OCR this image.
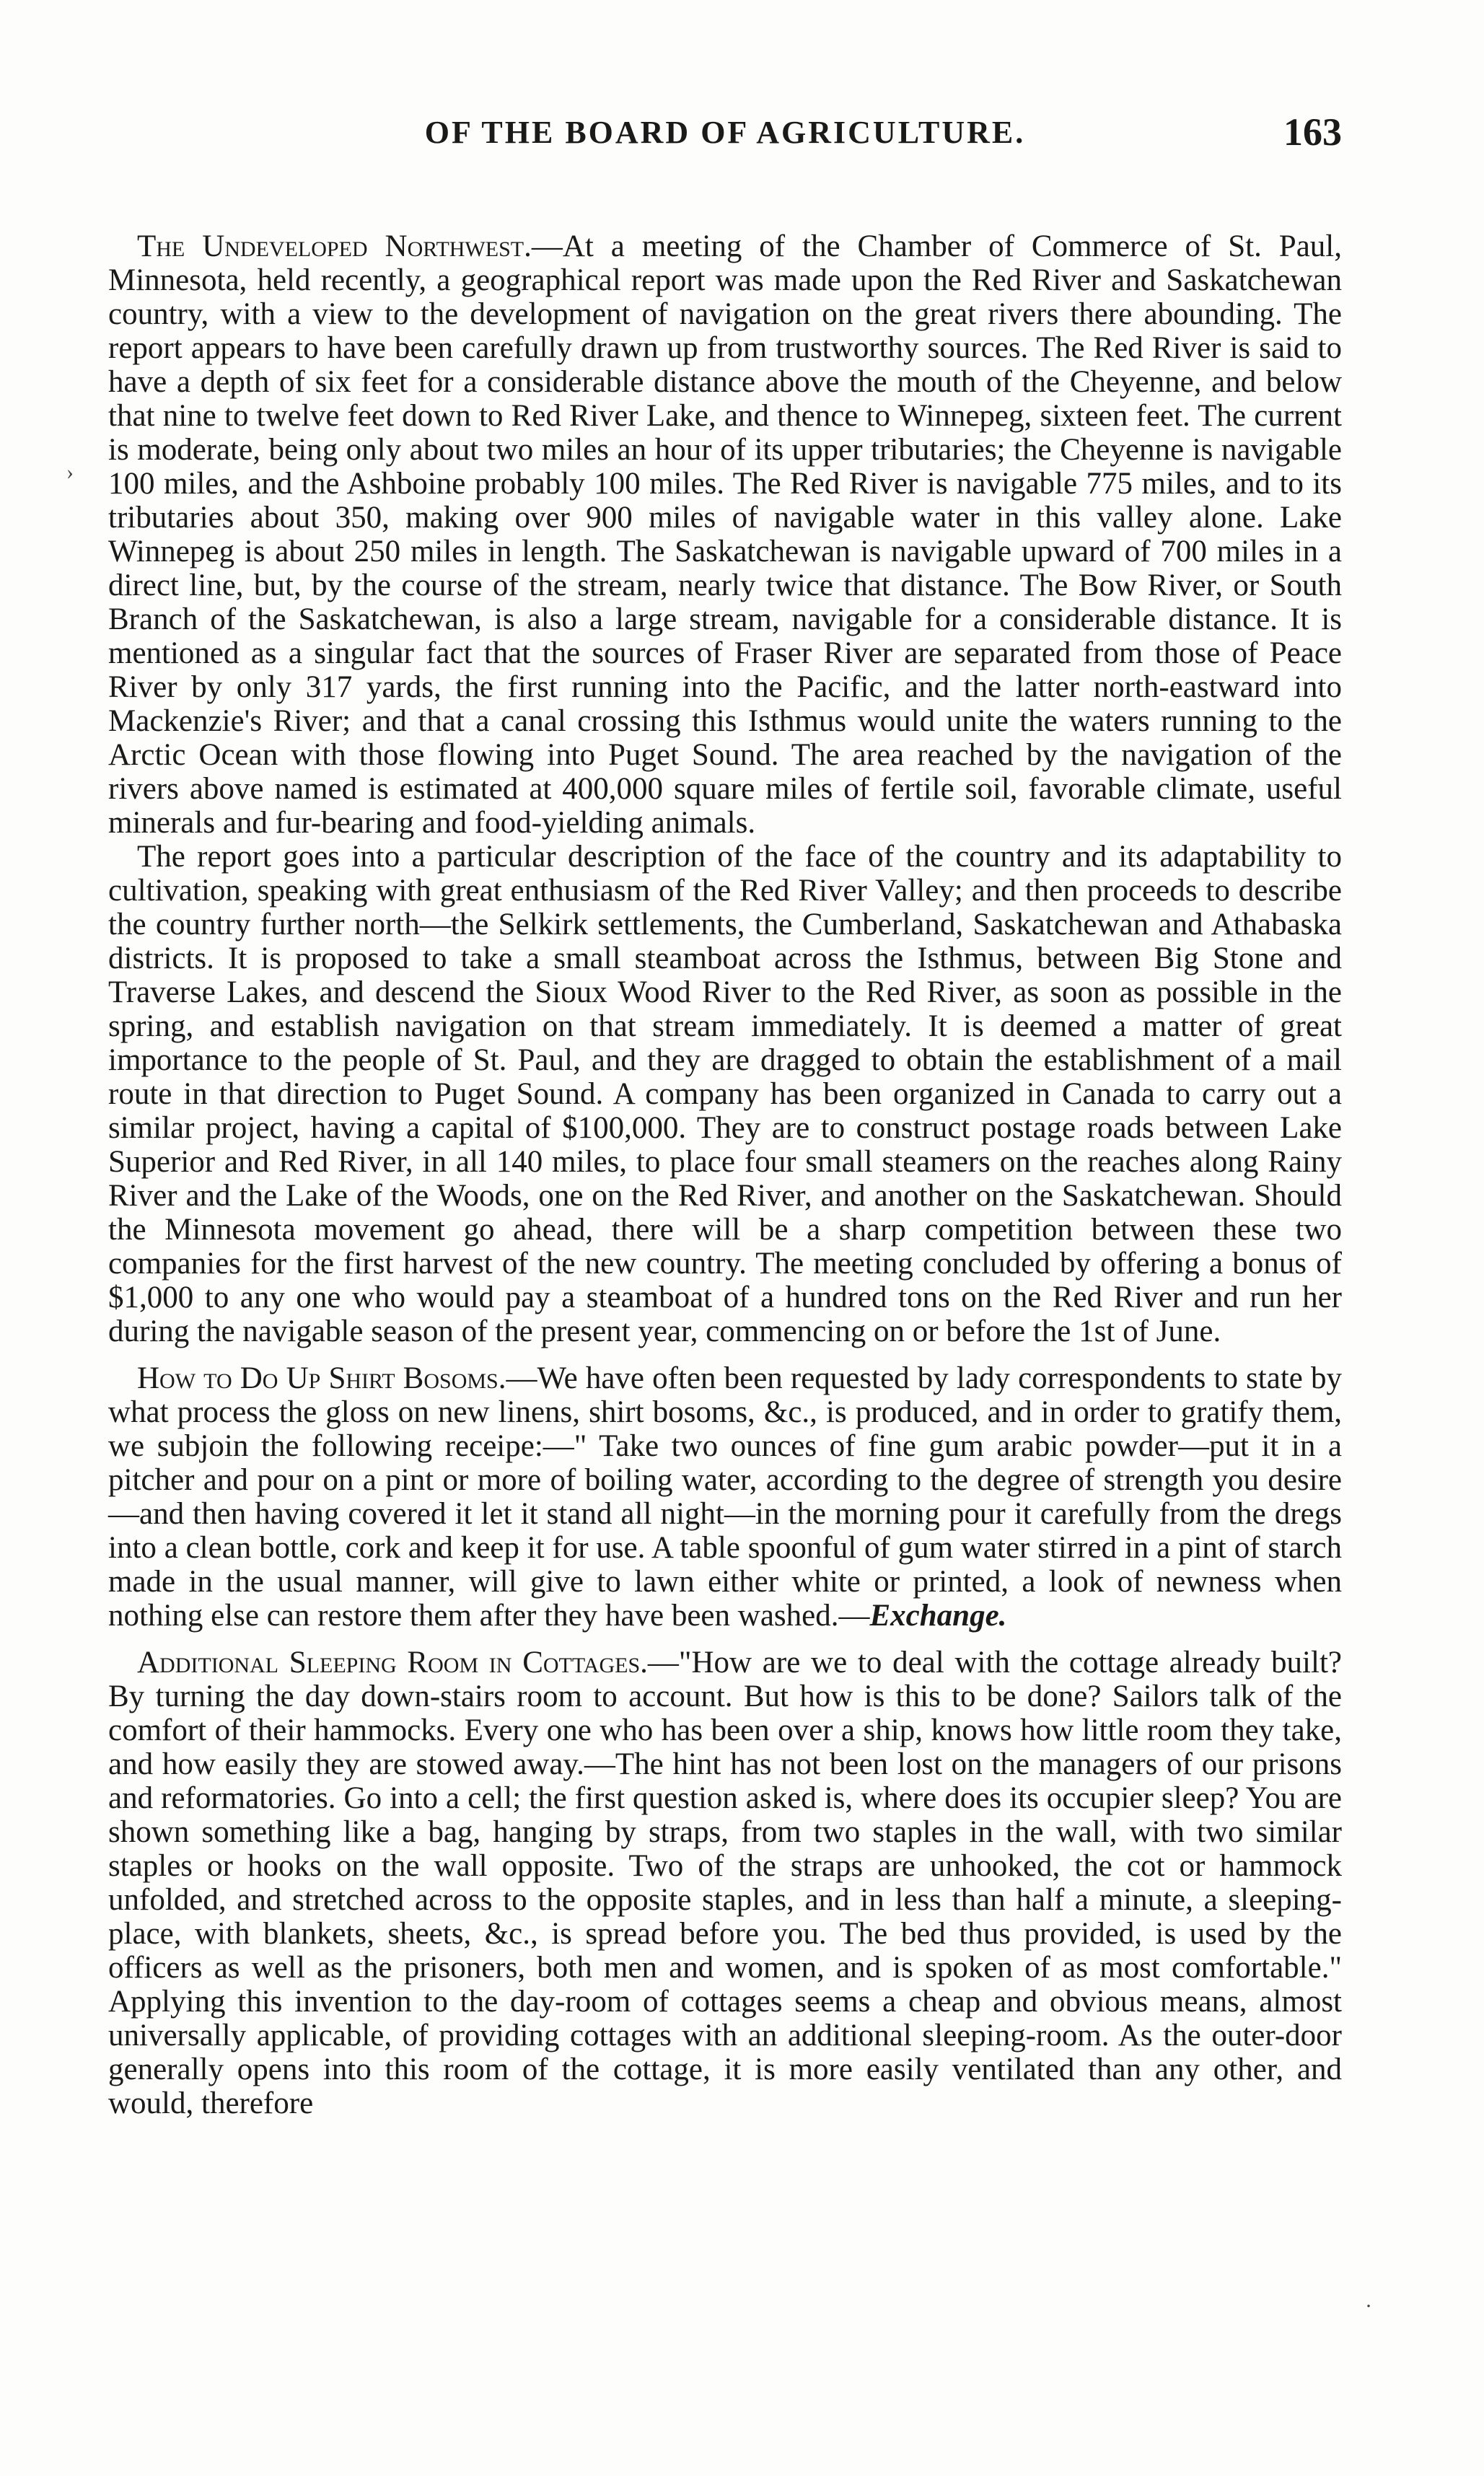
OF THE BOARD OF AGRICULTURE.	163
›
·

The Undeveloped Northwest.—At a meeting of the Chamber of Commerce of St. Paul, Minnesota, held recently, a geographical report was made upon the Red River and Saskatchewan country, with a view to the development of navigation on the great rivers there abounding. The report appears to have been carefully drawn up from trustworthy sources. The Red River is said to have a depth of six feet for a considerable distance above the mouth of the Cheyenne, and below that nine to twelve feet down to Red River Lake, and thence to Winnepeg, sixteen feet. The current is moderate, being only about two miles an hour of its upper tributaries; the Cheyenne is navigable 100 miles, and the Ashboine probably 100 miles. The Red River is navigable 775 miles, and to its tributaries about 350, making over 900 miles of navigable water in this valley alone. Lake Winnepeg is about 250 miles in length. The Saskatchewan is navigable upward of 700 miles in a direct line, but, by the course of the stream, nearly twice that distance. The Bow River, or South Branch of the Saskatchewan, is also a large stream, navigable for a considerable distance. It is mentioned as a singular fact that the sources of Fraser River are separated from those of Peace River by only 317 yards, the first running into the Pacific, and the latter north-eastward into Mackenzie's River; and that a canal crossing this Isthmus would unite the waters running to the Arctic Ocean with those flowing into Puget Sound. The area reached by the navigation of the rivers above named is estimated at 400,000 square miles of fertile soil, favorable climate, useful minerals and fur-bearing and food-yielding animals.

The report goes into a particular description of the face of the country and its adaptability to cultivation, speaking with great enthusiasm of the Red River Valley; and then proceeds to describe the country further north—the Selkirk settlements, the Cumberland, Saskatchewan and Athabaska districts. It is proposed to take a small steamboat across the Isthmus, between Big Stone and Traverse Lakes, and descend the Sioux Wood River to the Red River, as soon as possible in the spring, and establish navigation on that stream immediately. It is deemed a matter of great importance to the people of St. Paul, and they are dragged to obtain the establishment of a mail route in that direction to Puget Sound. A company has been organized in Canada to carry out a similar project, having a capital of $100,000. They are to construct postage roads between Lake Superior and Red River, in all 140 miles, to place four small steamers on the reaches along Rainy River and the Lake of the Woods, one on the Red River, and another on the Saskatchewan. Should the Minnesota movement go ahead, there will be a sharp competition between these two companies for the first harvest of the new country. The meeting concluded by offering a bonus of $1,000 to any one who would pay a steamboat of a hundred tons on the Red River and run her during the navigable season of the present year, commencing on or before the 1st of June.

How to Do Up Shirt Bosoms.—We have often been requested by lady correspondents to state by what process the gloss on new linens, shirt bosoms, &c., is produced, and in order to gratify them, we subjoin the following receipe:—" Take two ounces of fine gum arabic powder—put it in a pitcher and pour on a pint or more of boiling water, according to the degree of strength you desire—and then having covered it let it stand all night—in the morning pour it carefully from the dregs into a clean bottle, cork and keep it for use. A table spoonful of gum water stirred in a pint of starch made in the usual manner, will give to lawn either white or printed, a look of newness when nothing else can restore them after they have been washed.—Exchange.

Additional Sleeping Room in Cottages.—"How are we to deal with the cottage already built? By turning the day down-stairs room to account. But how is this to be done? Sailors talk of the comfort of their hammocks. Every one who has been over a ship, knows how little room they take, and how easily they are stowed away.—The hint has not been lost on the managers of our prisons and reformatories. Go into a cell; the first question asked is, where does its occupier sleep? You are shown something like a bag, hanging by straps, from two staples in the wall, with two similar staples or hooks on the wall opposite. Two of the straps are unhooked, the cot or hammock unfolded, and stretched across to the opposite staples, and in less than half a minute, a sleeping-place, with blankets, sheets, &c., is spread before you. The bed thus provided, is used by the officers as well as the prisoners, both men and women, and is spoken of as most comfortable." Applying this invention to the day-room of cottages seems a cheap and obvious means, almost universally applicable, of providing cottages with an additional sleeping-room. As the outer-door generally opens into this room of the cottage, it is more easily ventilated than any other, and would, therefore
